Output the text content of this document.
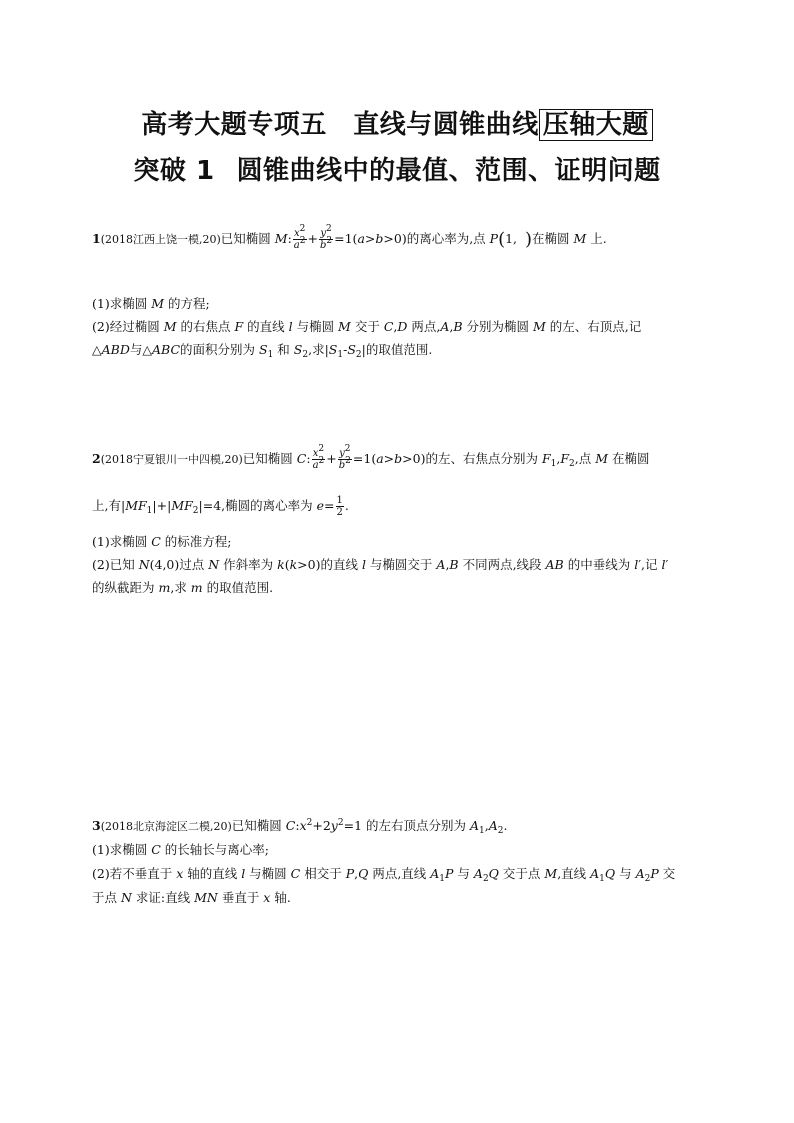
高考大题专项五　直线与圆锥曲线 压轴大题
突破 1 圆锥曲线中的最值、范围、证明问题
1(2018江西上饶一模,20)已知椭圆 M: $\frac{x^2}{a^2} + \frac{y^2}{b^2} =1(a>b>0)$的离心率为,点 P(1,  )在椭圆 M 上.
(1)求椭圆 M 的方程;
(2)经过椭圆 M 的右焦点 F 的直线 l 与椭圆 M 交于 C,D 两点,A,B 分别为椭圆 M 的左、右顶点,记
△ABD与△ABC的面积分别为 $S_1$ 和 $S_2$,求$|S_1-S_2|$的取值范围.
2(2018宁夏银川一中四模,20)已知椭圆 C: $\frac{x^2}{a^2} + \frac{y^2}{b^2} =1(a>b>0)$的左、右焦点分别为 $F_1,F_2$,点 M 在椭圆
上,有$|MF_1|+|MF_2|=4$,椭圆的离心率为 $e= \frac{1}{2}$ .
(1)求椭圆 C 的标准方程;
(2)已知 N(4,0)过点 N 作斜率为 k(k>0)的直线 l 与椭圆交于 A,B 不同两点,线段 AB 的中垂线为 l′,记 l′
的纵截距为 m,求 m 的取值范围.
3(2018北京海淀区二模,20)已知椭圆 $C:x^2+2y^2=1$ 的左右顶点分别为 $A_1,A_2$.
(1)求椭圆 C 的长轴长与离心率;
(2)若不垂直于 x 轴的直线 l 与椭圆 C 相交于 P,Q 两点,直线 $A_1P$ 与 $A_2Q$ 交于点 M,直线 $A_1Q$ 与 $A_2P$ 交
于点 N 求证:直线 MN 垂直于 x 轴.
